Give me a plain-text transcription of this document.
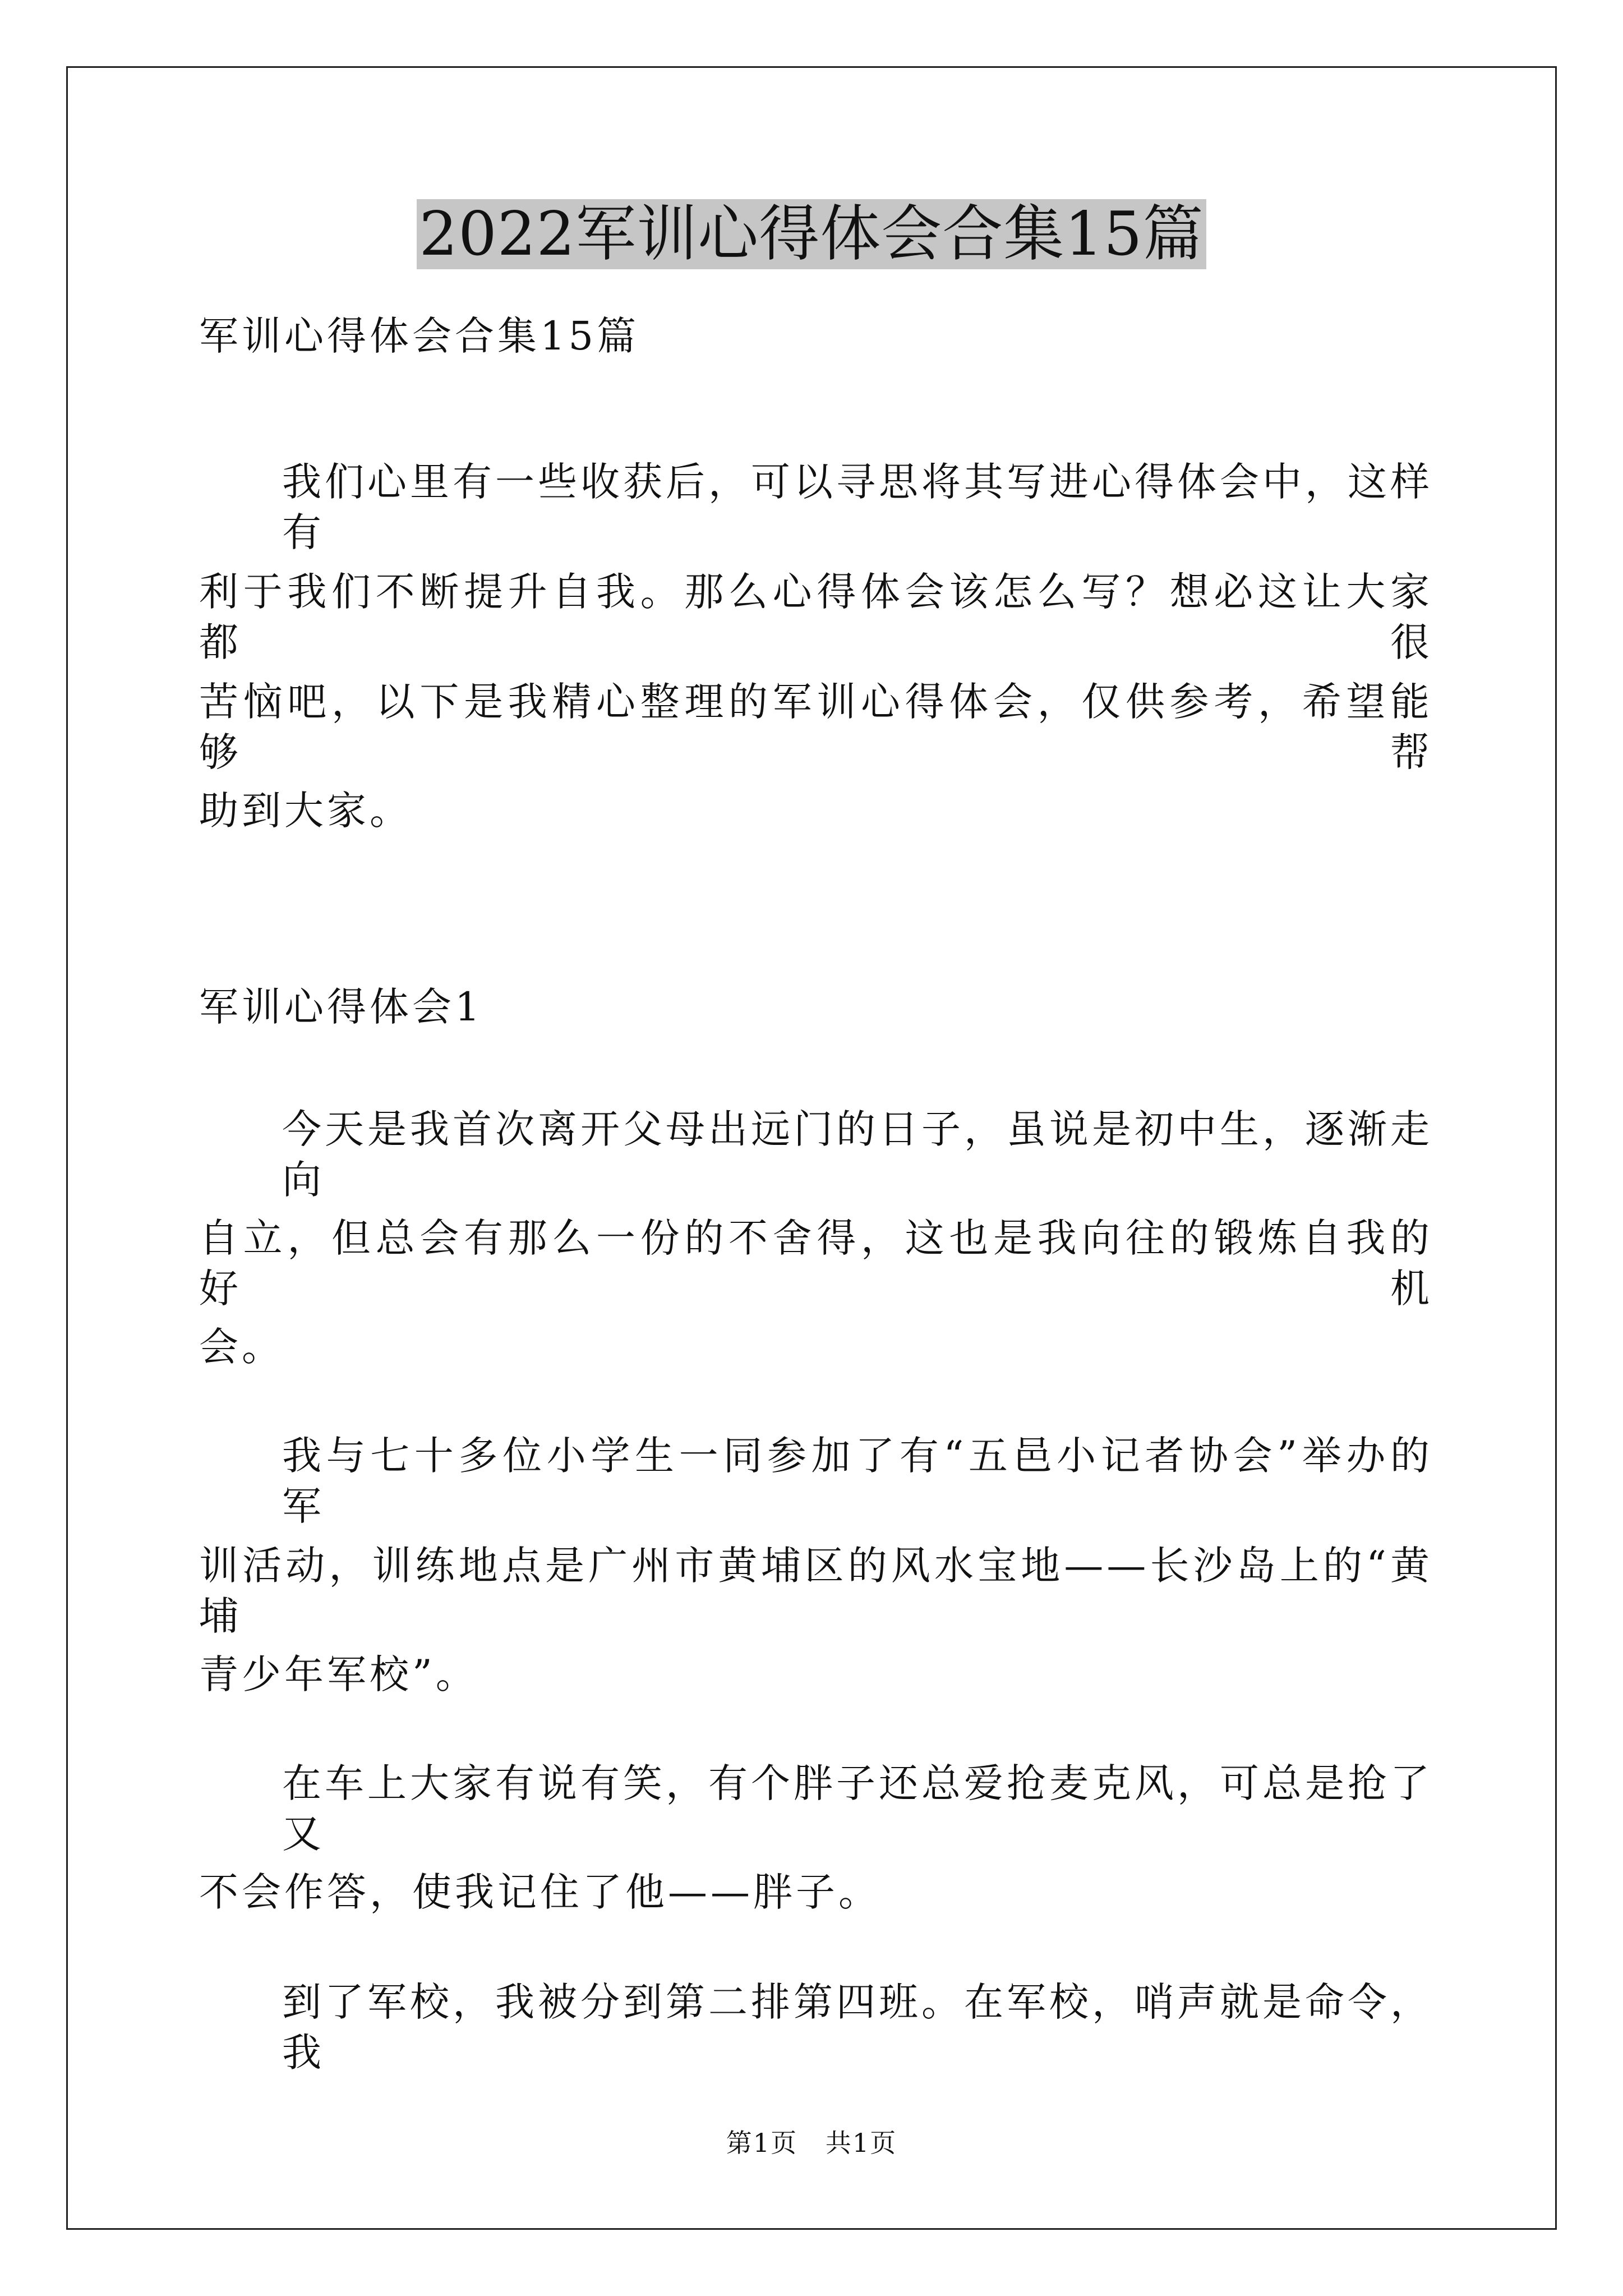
2022军训心得体会合集15篇
军训心得体会合集15篇
我们心里有一些收获后，可以寻思将其写进心得体会中，这样有
利于我们不断提升自我。那么心得体会该怎么写？想必这让大家都很
苦恼吧，以下是我精心整理的军训心得体会，仅供参考，希望能够帮
助到大家。
军训心得体会1
今天是我首次离开父母出远门的日子，虽说是初中生，逐渐走向
自立，但总会有那么一份的不舍得，这也是我向往的锻炼自我的好机
会。
我与七十多位小学生一同参加了有“五邑小记者协会”举办的军
训活动，训练地点是广州市黄埔区的风水宝地——长沙岛上的“黄埔
青少年军校”。
在车上大家有说有笑，有个胖子还总爱抢麦克风，可总是抢了又
不会作答，使我记住了他——胖子。
到了军校，我被分到第二排第四班。在军校，哨声就是命令，我
第1页   共1页
